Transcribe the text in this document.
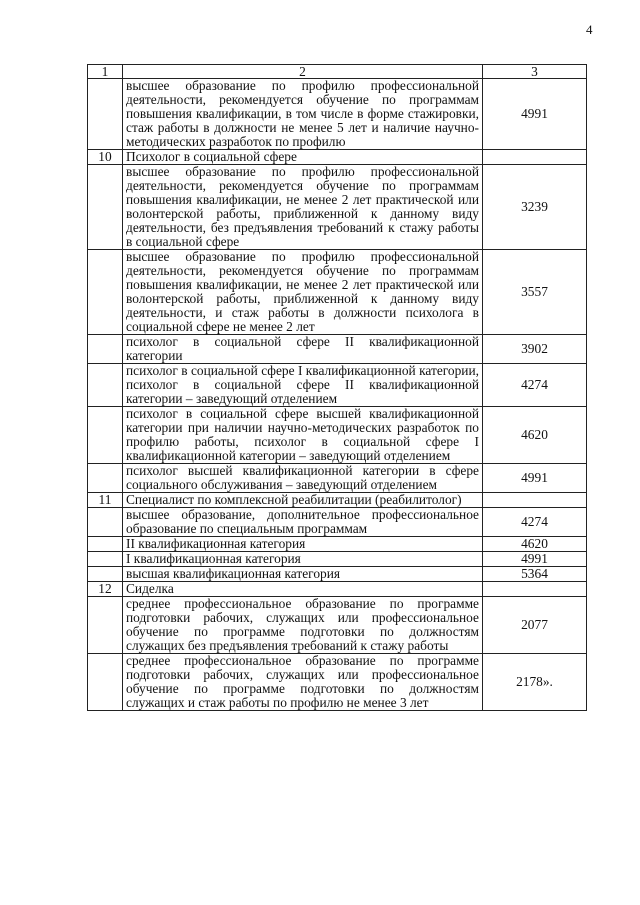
4
1	2	3
	высшее образование по профилю профессиональной деятельности, рекомендуется обучение по программам повышения квалификации, в том числе в форме стажировки, стаж работы в должности не менее 5 лет и наличие научно-методических разработок по профилю	4991
10	Психолог в социальной сфере	
	высшее образование по профилю профессиональной деятельности, рекомендуется обучение по программам повышения квалификации, не менее 2 лет практической или волонтерской работы, приближенной к данному виду деятельности, без предъявления требований к стажу работы в социальной сфере	3239
	высшее образование по профилю профессиональной деятельности, рекомендуется обучение по программам повышения квалификации, не менее 2 лет практической или волонтерской работы, приближенной к данному виду деятельности, и стаж работы в должности психолога в социальной сфере не менее 2 лет	3557
	психолог в социальной сфере II квалификационной категории	3902
	психолог в социальной сфере I квалификационной категории, психолог в социальной сфере II квалификационной категории – заведующий отделением	4274
	психолог в социальной сфере высшей квалификационной категории при наличии научно-методических разработок по профилю работы, психолог в социальной сфере I квалификационной категории – заведующий отделением	4620
	психолог высшей квалификационной категории в сфере социального обслуживания – заведующий отделением	4991
11	Специалист по комплексной реабилитации (реабилитолог)	
	высшее образование, дополнительное профессиональное образование по специальным программам	4274
	II квалификационная категория	4620
	I квалификационная категория	4991
	высшая квалификационная категория	5364
12	Сиделка	
	среднее профессиональное образование по программе подготовки рабочих, служащих или профессиональное обучение по программе подготовки по должностям служащих без предъявления требований к стажу работы	2077
	среднее профессиональное образование по программе подготовки рабочих, служащих или профессиональное обучение по программе подготовки по должностям служащих и стаж работы по профилю не менее 3 лет	2178».
